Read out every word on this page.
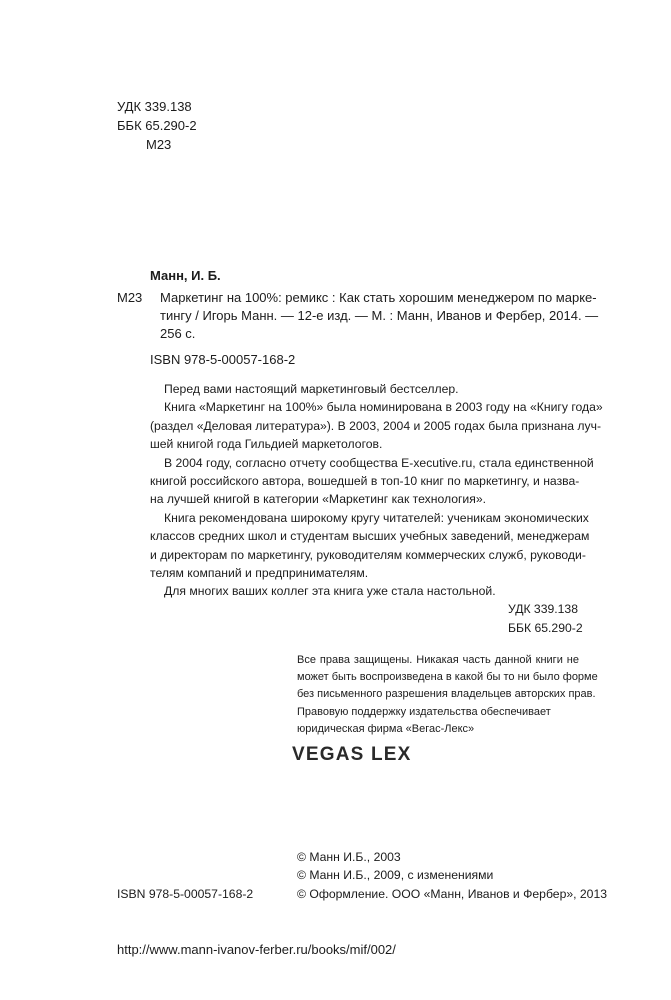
УДК 339.138
ББК 65.290-2
М23
Манн, И. Б.
М23 Маркетинг на 100%: ремикс : Как стать хорошим менеджером по марке-
тингу / Игорь Манн. — 12-е изд. — М. : Манн, Иванов и Фербер, 2014. —
256 с.
ISBN 978-5-00057-168-2
Перед вами настоящий маркетинговый бестселлер.
Книга «Маркетинг на 100%» была номинирована в 2003 году на «Книгу года»
(раздел «Деловая литература»). В 2003, 2004 и 2005 годах была признана луч-
шей книгой года Гильдией маркетологов.
В 2004 году, согласно отчету сообщества E-xecutive.ru, стала единственной
книгой российского автора, вошедшей в топ-10 книг по маркетингу, и назва-
на лучшей книгой в категории «Маркетинг как технология».
Книга рекомендована широкому кругу читателей: ученикам экономических
классов средних школ и студентам высших учебных заведений, менеджерам
и директорам по маркетингу, руководителям коммерческих служб, руководи-
телям компаний и предпринимателям.
Для многих ваших коллег эта книга уже стала настольной.
УДК 339.138
ББК 65.290-2
Все права защищены. Никакая часть данной книги не
может быть воспроизведена в какой бы то ни было форме
без письменного разрешения владельцев авторских прав.
Правовую поддержку издательства обеспечивает
юридическая фирма «Вегас-Лекс»
VEGAS LEX
© Манн И.Б., 2003
© Манн И.Б., 2009, с изменениями
© Оформление. ООО «Манн, Иванов и Фербер», 2013
ISBN 978-5-00057-168-2
http://www.mann-ivanov-ferber.ru/books/mif/002/
